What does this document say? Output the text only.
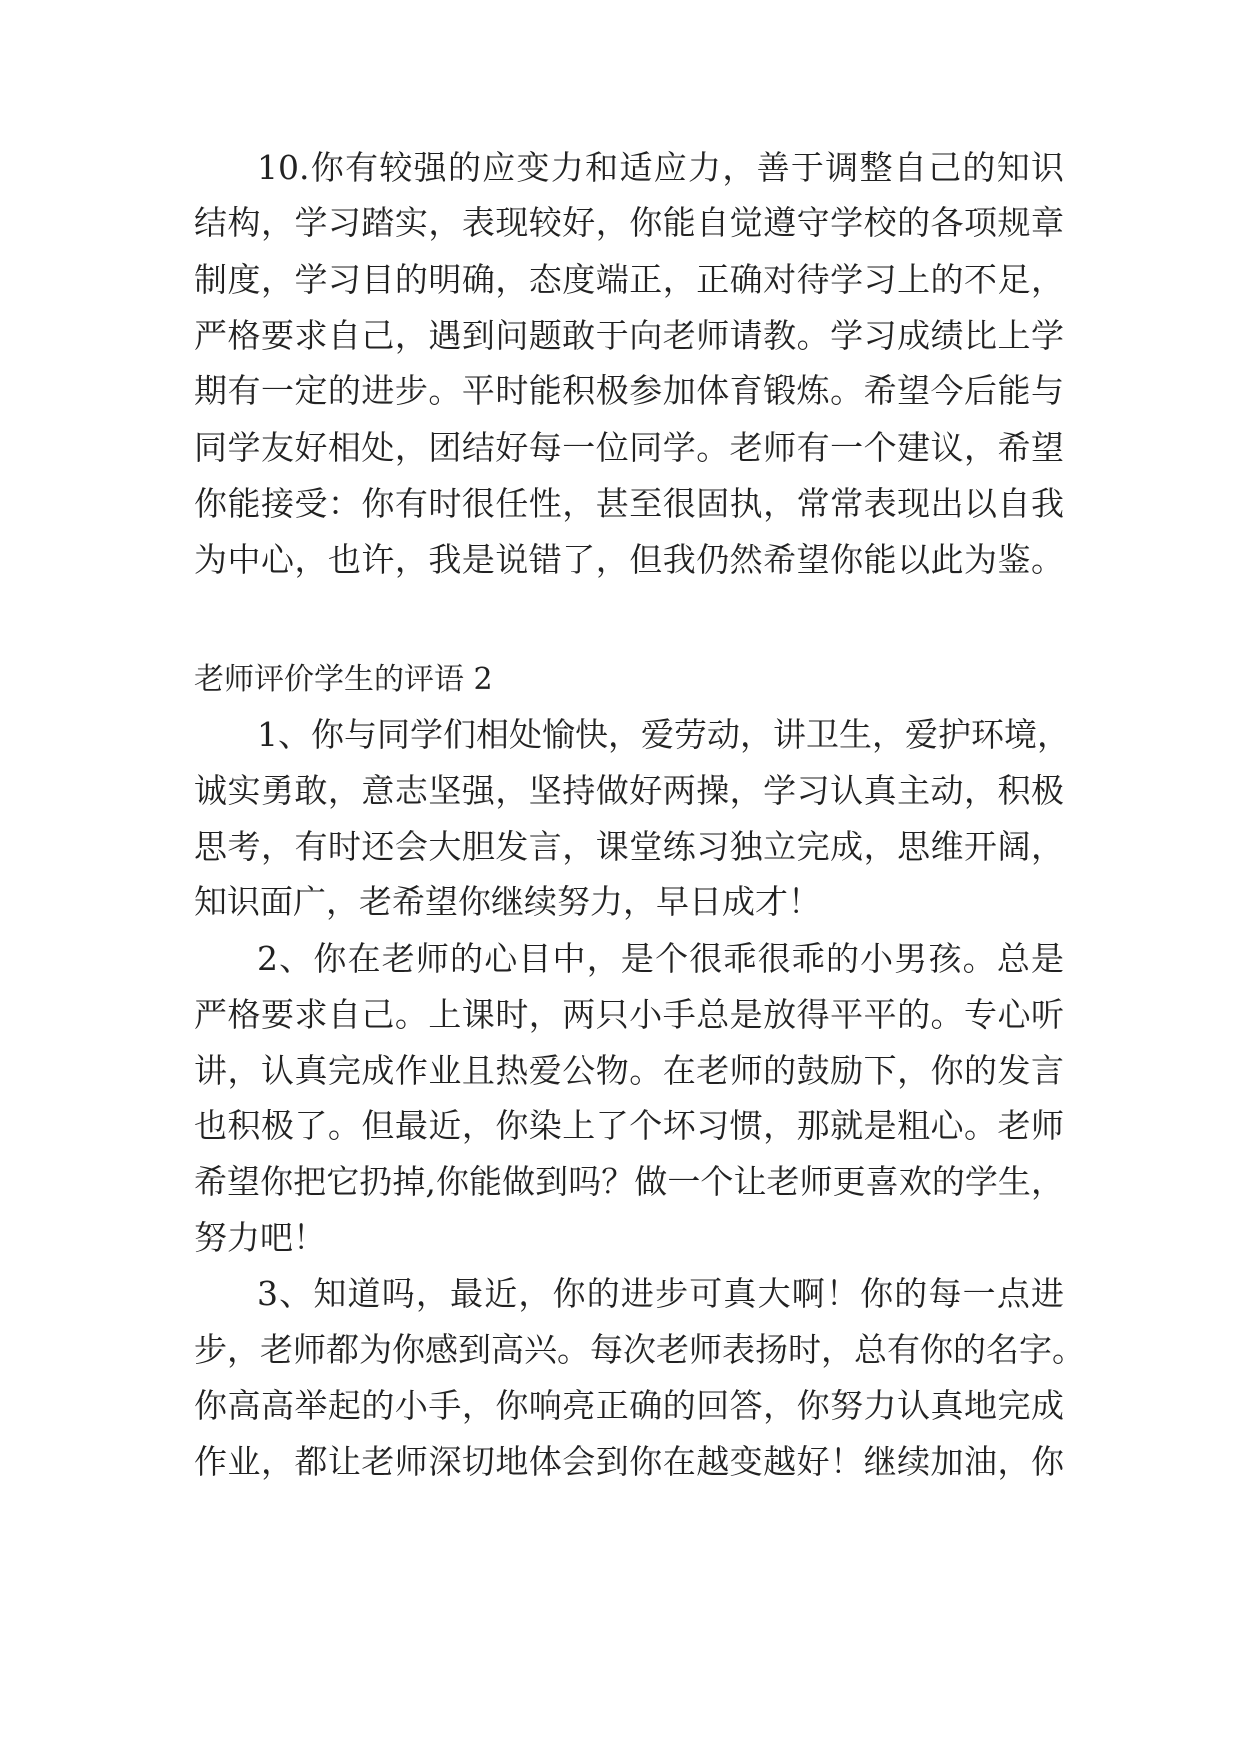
10.你有较强的应变力和适应力，善于调整自己的知识
结构，学习踏实，表现较好，你能自觉遵守学校的各项规章
制度，学习目的明确，态度端正，正确对待学习上的不足，
严格要求自己，遇到问题敢于向老师请教。学习成绩比上学
期有一定的进步。平时能积极参加体育锻炼。希望今后能与
同学友好相处，团结好每一位同学。老师有一个建议，希望
你能接受：你有时很任性，甚至很固执，常常表现出以自我
为中心，也许，我是说错了，但我仍然希望你能以此为鉴。
老师评价学生的评语 2
1、你与同学们相处愉快，爱劳动，讲卫生，爱护环境，
诚实勇敢，意志坚强，坚持做好两操，学习认真主动，积极
思考，有时还会大胆发言，课堂练习独立完成，思维开阔，
知识面广，老希望你继续努力，早日成才！
2、你在老师的心目中，是个很乖很乖的小男孩。总是
严格要求自己。上课时，两只小手总是放得平平的。专心听
讲，认真完成作业且热爱公物。在老师的鼓励下，你的发言
也积极了。但最近，你染上了个坏习惯，那就是粗心。老师
希望你把它扔掉,你能做到吗？做一个让老师更喜欢的学生，
努力吧！
3、知道吗，最近，你的进步可真大啊！你的每一点进
步，老师都为你感到高兴。每次老师表扬时，总有你的名字。
你高高举起的小手，你响亮正确的回答，你努力认真地完成
作业，都让老师深切地体会到你在越变越好！继续加油，你
